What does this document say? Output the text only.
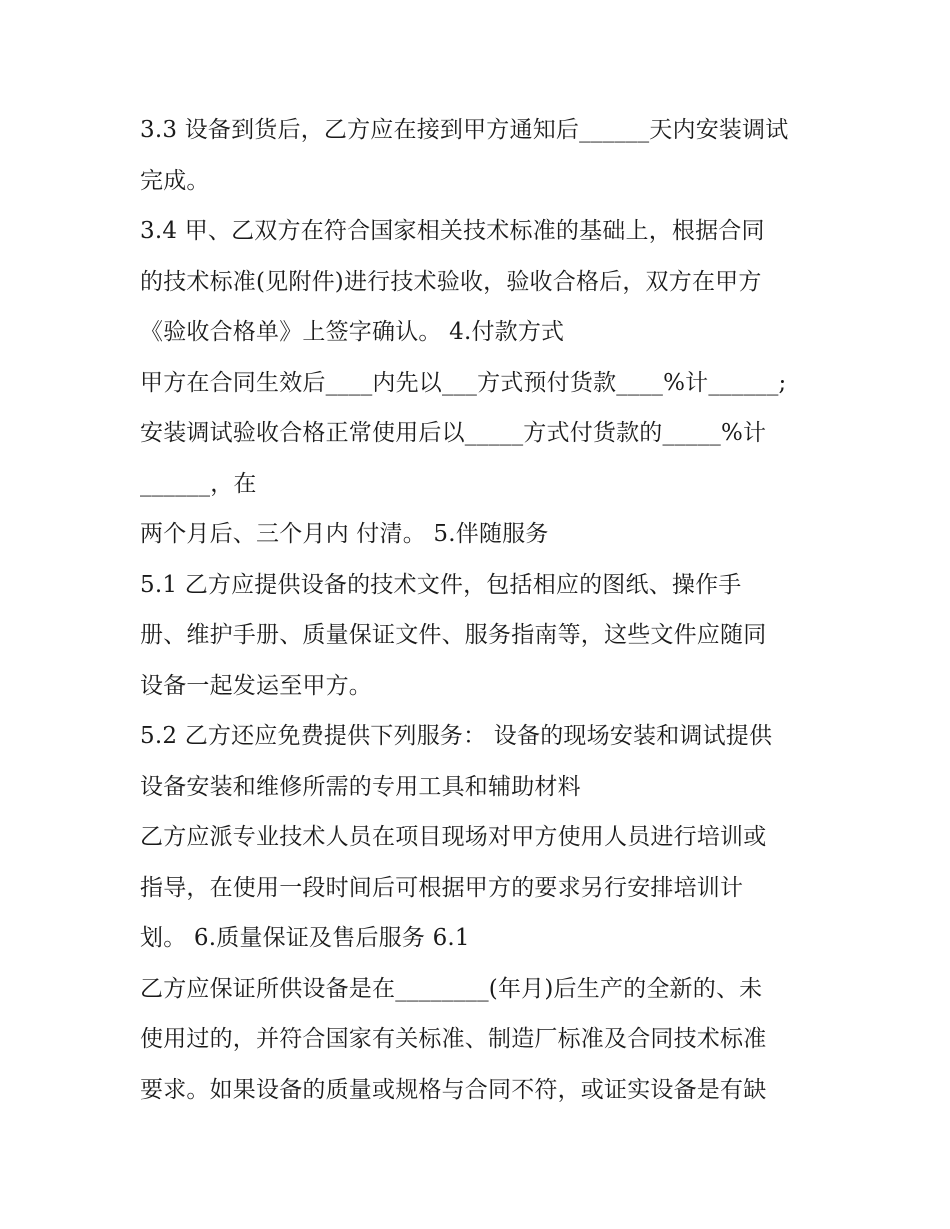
3.3 设备到货后，乙方应在接到甲方通知后______天内安装调试
完成。
3.4 甲、乙双方在符合国家相关技术标准的基础上，根据合同
的技术标准(见附件)进行技术验收，验收合格后，双方在甲方
《验收合格单》上签字确认。 4.付款方式
甲方在合同生效后____内先以___方式预付货款____%计______;
安装调试验收合格正常使用后以_____方式付货款的_____%计
______，在
两个月后、三个月内 付清。 5.伴随服务
5.1 乙方应提供设备的技术文件，包括相应的图纸、操作手
册、维护手册、质量保证文件、服务指南等，这些文件应随同
设备一起发运至甲方。
5.2 乙方还应免费提供下列服务： 设备的现场安装和调试提供
设备安装和维修所需的专用工具和辅助材料
乙方应派专业技术人员在项目现场对甲方使用人员进行培训或
指导，在使用一段时间后可根据甲方的要求另行安排培训计
划。 6.质量保证及售后服务 6.1
乙方应保证所供设备是在________(年月)后生产的全新的、未
使用过的，并符合国家有关标准、制造厂标准及合同技术标准
要求。如果设备的质量或规格与合同不符，或证实设备是有缺
